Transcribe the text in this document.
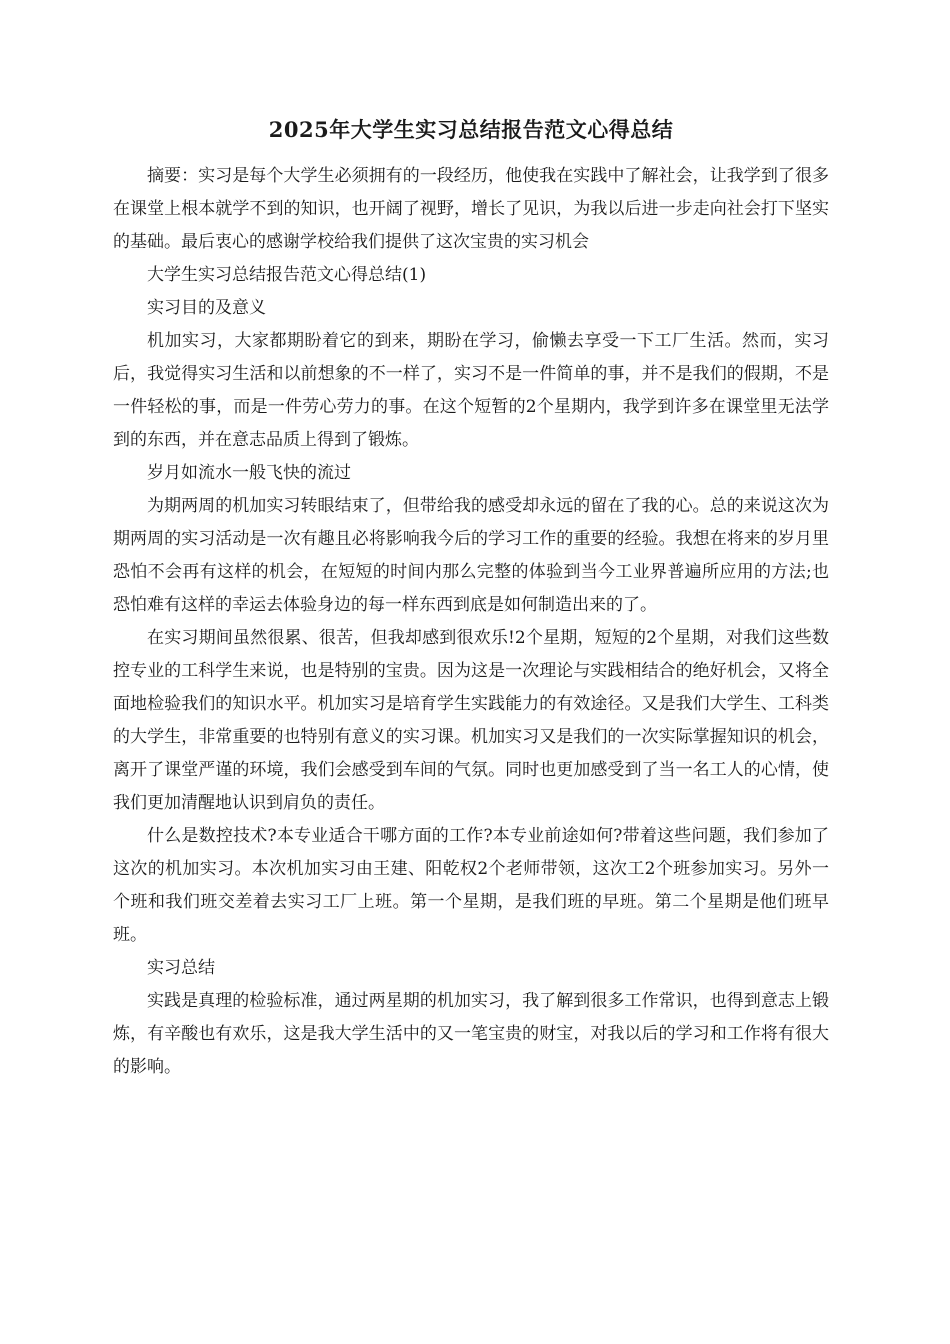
2025年大学生实习总结报告范文心得总结

摘要：实习是每个大学生必须拥有的一段经历，他使我在实践中了解社会，让我学到了很多在课堂上根本就学不到的知识，也开阔了视野，增长了见识，为我以后进一步走向社会打下坚实的基础。最后衷心的感谢学校给我们提供了这次宝贵的实习机会

大学生实习总结报告范文心得总结(1)

实习目的及意义

机加实习，大家都期盼着它的到来，期盼在学习，偷懒去享受一下工厂生活。然而，实习后，我觉得实习生活和以前想象的不一样了，实习不是一件简单的事，并不是我们的假期，不是一件轻松的事，而是一件劳心劳力的事。在这个短暂的2个星期内，我学到许多在课堂里无法学到的东西，并在意志品质上得到了锻炼。

岁月如流水一般飞快的流过

为期两周的机加实习转眼结束了，但带给我的感受却永远的留在了我的心。总的来说这次为期两周的实习活动是一次有趣且必将影响我今后的学习工作的重要的经验。我想在将来的岁月里恐怕不会再有这样的机会，在短短的时间内那么完整的体验到当今工业界普遍所应用的方法;也恐怕难有这样的幸运去体验身边的每一样东西到底是如何制造出来的了。

在实习期间虽然很累、很苦，但我却感到很欢乐!2个星期，短短的2个星期，对我们这些数控专业的工科学生来说，也是特别的宝贵。因为这是一次理论与实践相结合的绝好机会，又将全面地检验我们的知识水平。机加实习是培育学生实践能力的有效途径。又是我们大学生、工科类的大学生，非常重要的也特别有意义的实习课。机加实习又是我们的一次实际掌握知识的机会，离开了课堂严谨的环境，我们会感受到车间的气氛。同时也更加感受到了当一名工人的心情，使我们更加清醒地认识到肩负的责任。

什么是数控技术?本专业适合干哪方面的工作?本专业前途如何?带着这些问题，我们参加了这次的机加实习。本次机加实习由王建、阳乾权2个老师带领，这次工2个班参加实习。另外一个班和我们班交差着去实习工厂上班。第一个星期，是我们班的早班。第二个星期是他们班早班。

实习总结

实践是真理的检验标准，通过两星期的机加实习，我了解到很多工作常识，也得到意志上锻炼，有辛酸也有欢乐，这是我大学生活中的又一笔宝贵的财宝，对我以后的学习和工作将有很大的影响。
